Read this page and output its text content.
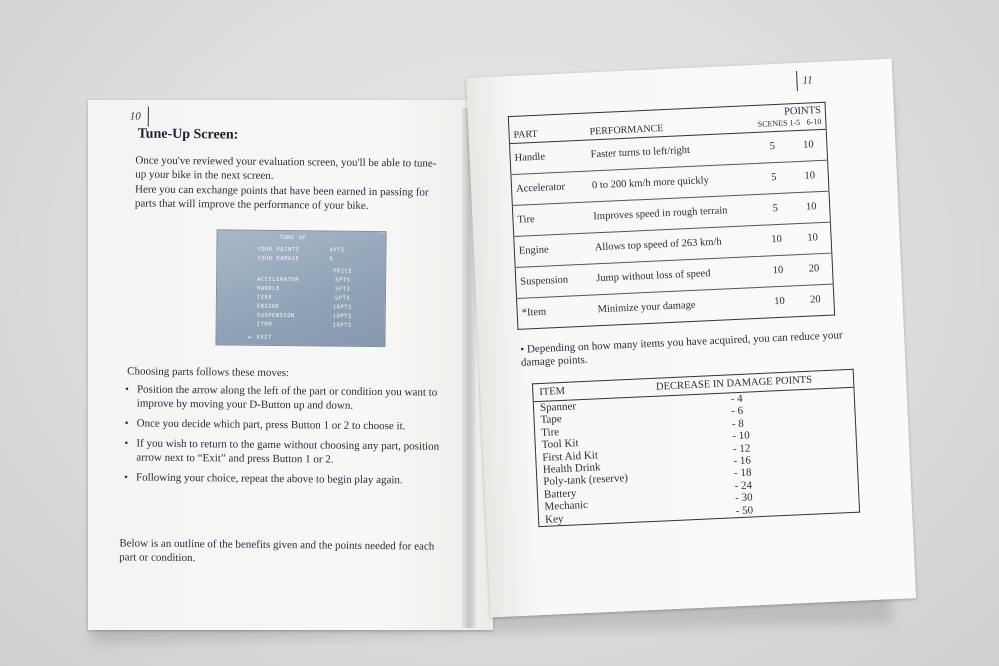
10
Tune-Up Screen:
Once you've reviewed your evaluation screen, you'll be able to tune-up your bike in the next screen.
Here you can exchange points that have been earned in passing for parts that will improve the performance of your bike.
TUNE UP
YOUR POINTS	4PTS.
YOUR DAMAGE	0
PRICE
ACCELERATOR	5PTS
HANDLE	5PTS
TIRE	5PTS
ENGINE	10PTS
SUSPENSION	10PTS
ITEM	10PTS
► EXIT
Choosing parts follows these moves:
• Position the arrow along the left of the part or condition you want to improve by moving your D-Button up and down.
• Once you decide which part, press Button 1 or 2 to choose it.
• If you wish to return to the game without choosing any part, position arrow next to “Exit” and press Button 1 or 2.
• Following your choice, repeat the above to begin play again.
Below is an outline of the benefits given and the points needed for each part or condition.
11
PART	PERFORMANCE	POINTS
SCENES 1-5 6-10	
Handle	Faster turns to left/right	5	10
Accelerator	0 to 200 km/h more quickly	5	10
Tire	Improves speed in rough terrain	5	10
Engine	Allows top speed of 263 km/h	10	10
Suspension	Jump without loss of speed	10	20
*Item	Minimize your damage	10	20
• Depending on how many items you have acquired, you can reduce your damage points.
ITEM	DECREASE IN DAMAGE POINTS
Spanner	- 4
Tape	- 6
Tire	- 8
Tool Kit	- 10
First Aid Kit	- 12
Health Drink	- 16
Poly-tank (reserve)	- 18
Battery	- 24
Mechanic	- 30
Key	- 50
